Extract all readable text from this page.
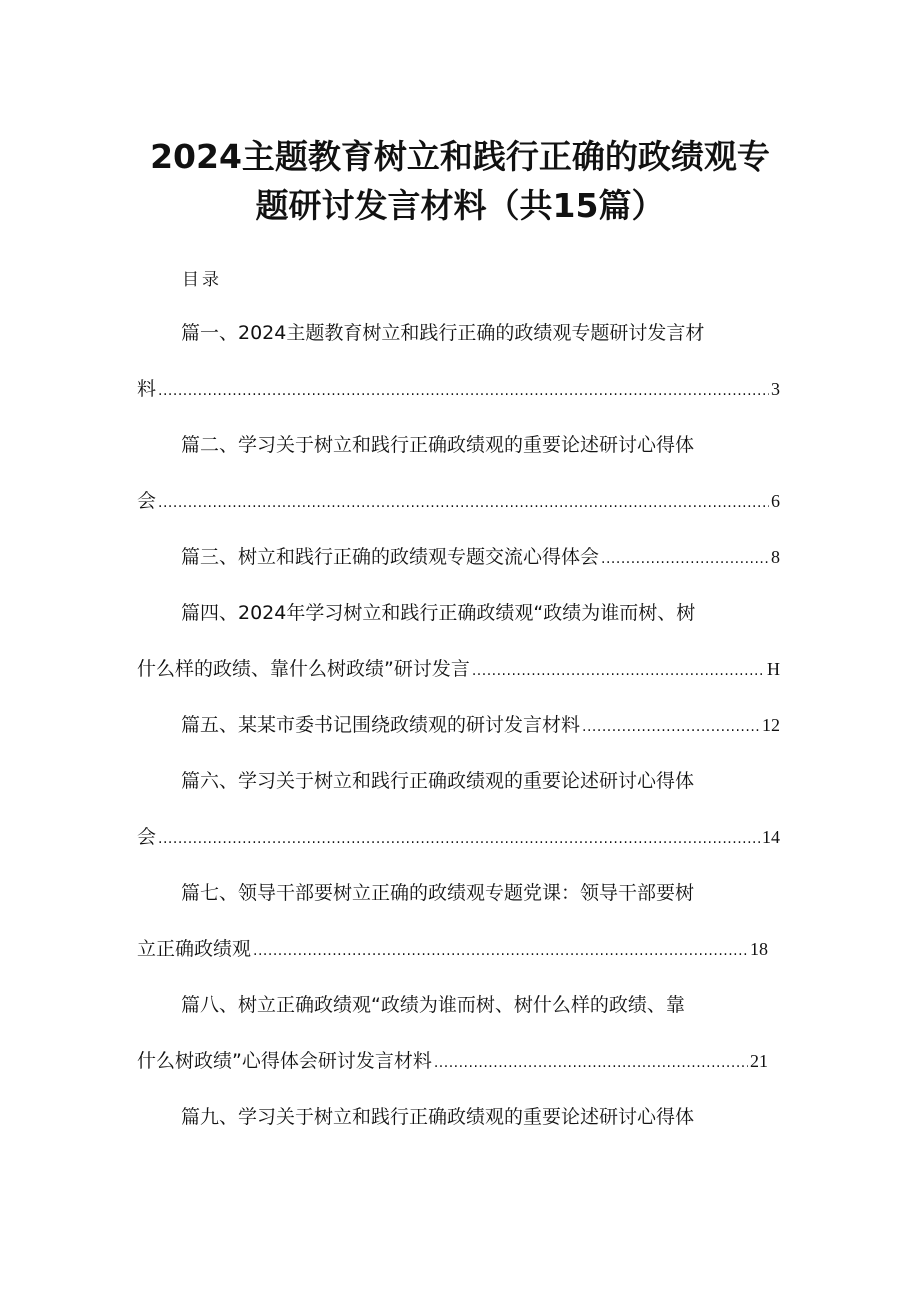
2024主题教育树立和践行正确的政绩观专
题研讨发言材料（共15篇）
目录
篇一、2024主题教育树立和践行正确的政绩观专题研讨发言材
料 .....	3
篇二、学习关于树立和践行正确政绩观的重要论述研讨心得体
会 .....	6
篇三、树立和践行正确的政绩观专题交流心得体会 .....	8
篇四、2024年学习树立和践行正确政绩观“政绩为谁而树、树
什么样的政绩、靠什么树政绩”研讨发言 .....	H
篇五、某某市委书记围绕政绩观的研讨发言材料 .....	12
篇六、学习关于树立和践行正确政绩观的重要论述研讨心得体
会 .....	14
篇七、领导干部要树立正确的政绩观专题党课：领导干部要树
立正确政绩观 .....	18
篇八、树立正确政绩观“政绩为谁而树、树什么样的政绩、靠
什么树政绩”心得体会研讨发言材料 .....	21
篇九、学习关于树立和践行正确政绩观的重要论述研讨心得体
